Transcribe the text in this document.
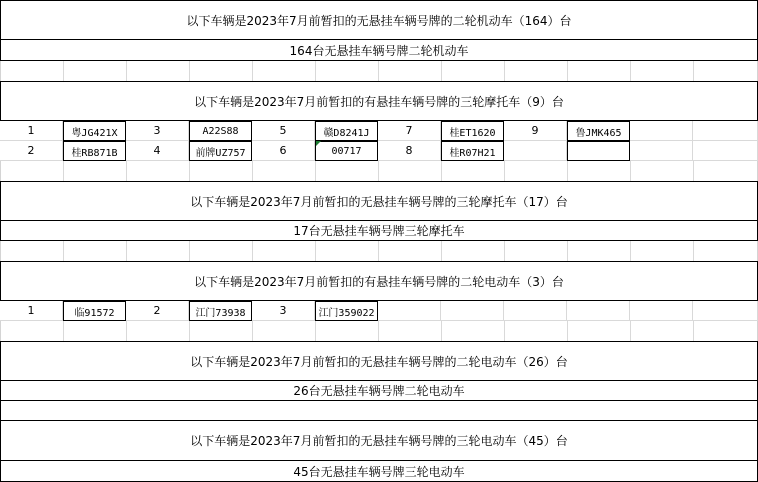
以下车辆是2023年7月前暂扣的无悬挂车辆号牌的二轮机动车（164）台
164台无悬挂车辆号牌二轮机动车
以下车辆是2023年7月前暂扣的有悬挂车辆号牌的三轮摩托车（9）台
1	粤JG421X	3	A22S88	5	赣D8241J	7	桂ET1620	9	鲁JMK465
2	桂RB871B	4	前牌UZ757	6	00717	8	桂R07H21
以下车辆是2023年7月前暂扣的无悬挂车辆号牌的三轮摩托车（17）台
17台无悬挂车辆号牌三轮摩托车
以下车辆是2023年7月前暂扣的有悬挂车辆号牌的二轮电动车（3）台
1	临91572	2	江门73938	3	江门359022
以下车辆是2023年7月前暂扣的无悬挂车辆号牌的二轮电动车（26）台
26台无悬挂车辆号牌二轮电动车
以下车辆是2023年7月前暂扣的无悬挂车辆号牌的三轮电动车（45）台
45台无悬挂车辆号牌三轮电动车
